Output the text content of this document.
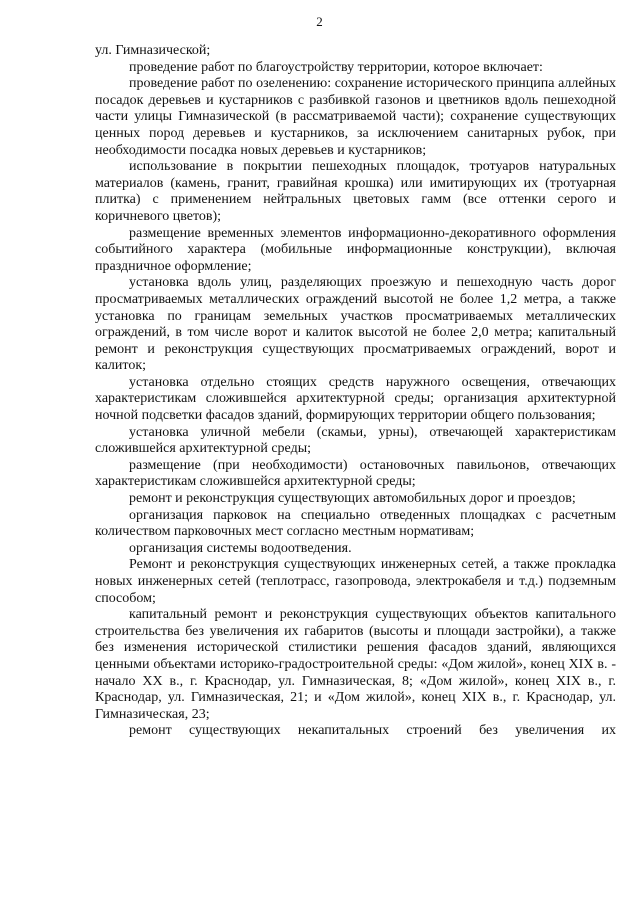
2

ул. Гимназической;

проведение работ по благоустройству территории, которое включает:

проведение работ по озеленению: сохранение исторического принципа аллейных посадок деревьев и кустарников с разбивкой газонов и цветников вдоль пешеходной части улицы Гимназической (в рассматриваемой части); сохранение существующих ценных пород деревьев и кустарников, за исключением санитарных рубок, при необходимости посадка новых деревьев и кустарников;

использование в покрытии пешеходных площадок, тротуаров натуральных материалов (камень, гранит, гравийная крошка) или имитирующих их (тротуарная плитка) с применением нейтральных цветовых гамм (все оттенки серого и коричневого цветов);

размещение временных элементов информационно-декоративного оформления событийного характера (мобильные информационные конструкции), включая праздничное оформление;

установка вдоль улиц, разделяющих проезжую и пешеходную часть дорог просматриваемых металлических ограждений высотой не более 1,2 метра, а также установка по границам земельных участков просматриваемых металлических ограждений, в том числе ворот и калиток высотой не более 2,0 метра; капитальный ремонт и реконструкция существующих просматриваемых ограждений, ворот и калиток;

установка отдельно стоящих средств наружного освещения, отвечающих характеристикам сложившейся архитектурной среды; организация архитектурной ночной подсветки фасадов зданий, формирующих территории общего пользования;

установка уличной мебели (скамьи, урны), отвечающей характеристикам сложившейся архитектурной среды;

размещение (при необходимости) остановочных павильонов, отвечающих характеристикам сложившейся архитектурной среды;

ремонт и реконструкция существующих автомобильных дорог и проездов;

организация парковок на специально отведенных площадках с расчетным количеством парковочных мест согласно местным нормативам;

организация системы водоотведения.

Ремонт и реконструкция существующих инженерных сетей, а также прокладка новых инженерных сетей (теплотрасс, газопровода, электрокабеля и т.д.) подземным способом;

капитальный ремонт и реконструкция существующих объектов капитального строительства без увеличения их габаритов (высоты и площади застройки), а также без изменения исторической стилистики решения фасадов зданий, являющихся ценными объектами историко-градостроительной среды: «Дом жилой», конец XIX в. - начало XX в., г. Краснодар, ул. Гимназическая, 8; «Дом жилой», конец XIX в., г. Краснодар, ул. Гимназическая, 21; и «Дом жилой», конец XIX в., г. Краснодар, ул. Гимназическая, 23;

ремонт существующих некапитальных строений без увеличения их
